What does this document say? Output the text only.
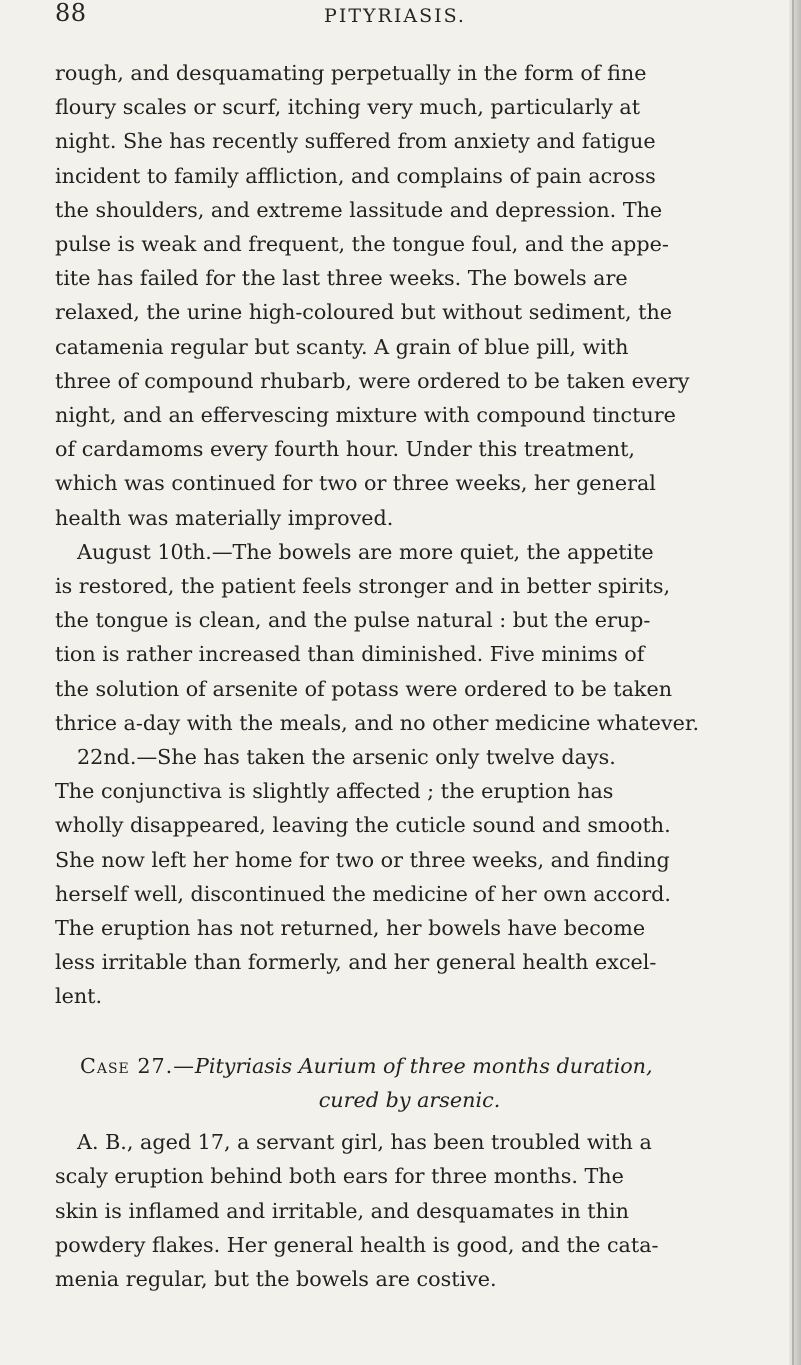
88	PITYRIASIS.
rough, and desquamating perpetually in the form of fine
floury scales or scurf, itching very much, particularly at
night. She has recently suffered from anxiety and fatigue
incident to family affliction, and complains of pain across
the shoulders, and extreme lassitude and depression. The
pulse is weak and frequent, the tongue foul, and the appe-
tite has failed for the last three weeks. The bowels are
relaxed, the urine high-coloured but without sediment, the
catamenia regular but scanty. A grain of blue pill, with
three of compound rhubarb, were ordered to be taken every
night, and an effervescing mixture with compound tincture
of cardamoms every fourth hour. Under this treatment,
which was continued for two or three weeks, her general
health was materially improved.
August 10th.—The bowels are more quiet, the appetite
is restored, the patient feels stronger and in better spirits,
the tongue is clean, and the pulse natural : but the erup-
tion is rather increased than diminished. Five minims of
the solution of arsenite of potass were ordered to be taken
thrice a-day with the meals, and no other medicine whatever.
22nd.—She has taken the arsenic only twelve days.
The conjunctiva is slightly affected ; the eruption has
wholly disappeared, leaving the cuticle sound and smooth.
She now left her home for two or three weeks, and finding
herself well, discontinued the medicine of her own accord.
The eruption has not returned, her bowels have become
less irritable than formerly, and her general health excel-
lent.
Case 27.—Pityriasis Aurium of three months duration,
cured by arsenic.
A. B., aged 17, a servant girl, has been troubled with a
scaly eruption behind both ears for three months. The
skin is inflamed and irritable, and desquamates in thin
powdery flakes. Her general health is good, and the cata-
menia regular, but the bowels are costive.
